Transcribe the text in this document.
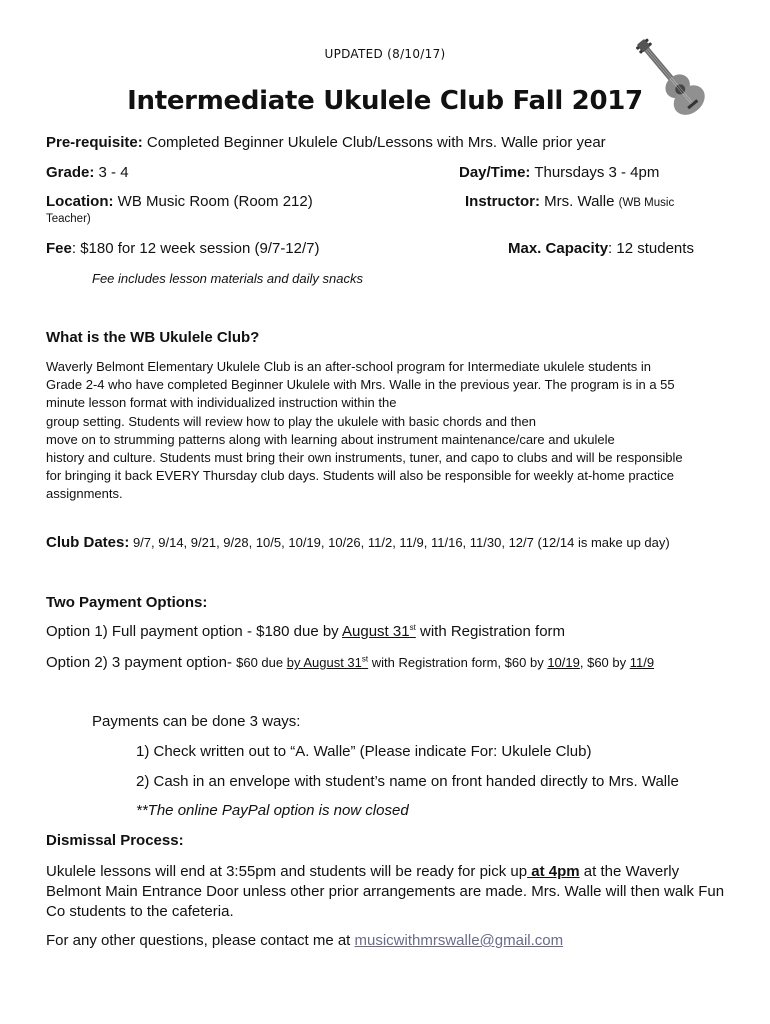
UPDATED (8/10/17)
Intermediate Ukulele Club Fall 2017
Pre-requisite: Completed Beginner Ukulele Club/Lessons with Mrs. Walle prior year
Grade: 3 - 4	Day/Time: Thursdays 3 - 4pm
Location: WB Music Room (Room 212)	Instructor: Mrs. Walle (WB Music
Teacher)
Fee: $180 for 12 week session (9/7-12/7)	Max. Capacity: 12 students
Fee includes lesson materials and daily snacks
What is the WB Ukulele Club?
Waverly Belmont Elementary Ukulele Club is an after-school program for Intermediate ukulele students in
Grade 2-4 who have completed Beginner Ukulele with Mrs. Walle in the previous year. The program is in a 55
minute lesson format with individualized instruction within the
group setting. Students will review how to play the ukulele with basic chords and then
move on to strumming patterns along with learning about instrument maintenance/care and ukulele
history and culture. Students must bring their own instruments, tuner, and capo to clubs and will be responsible
for bringing it back EVERY Thursday club days. Students will also be responsible for weekly at-home practice
assignments.
Club Dates: 9/7, 9/14, 9/21, 9/28, 10/5, 10/19, 10/26, 11/2, 11/9, 11/16, 11/30, 12/7 (12/14 is make up day)
Two Payment Options:
Option 1) Full payment option - $180 due by August 31st with Registration form
Option 2) 3 payment option- $60 due by August 31st with Registration form, $60 by 10/19, $60 by 11/9
Payments can be done 3 ways:
1) Check written out to “A. Walle” (Please indicate For: Ukulele Club)
2) Cash in an envelope with student’s name on front handed directly to Mrs. Walle
**The online PayPal option is now closed
Dismissal Process:
Ukulele lessons will end at 3:55pm and students will be ready for pick up at 4pm at the Waverly Belmont Main Entrance Door unless other prior arrangements are made. Mrs. Walle will then walk Fun Co students to the cafeteria.
For any other questions, please contact me at musicwithmrswalle@gmail.com
